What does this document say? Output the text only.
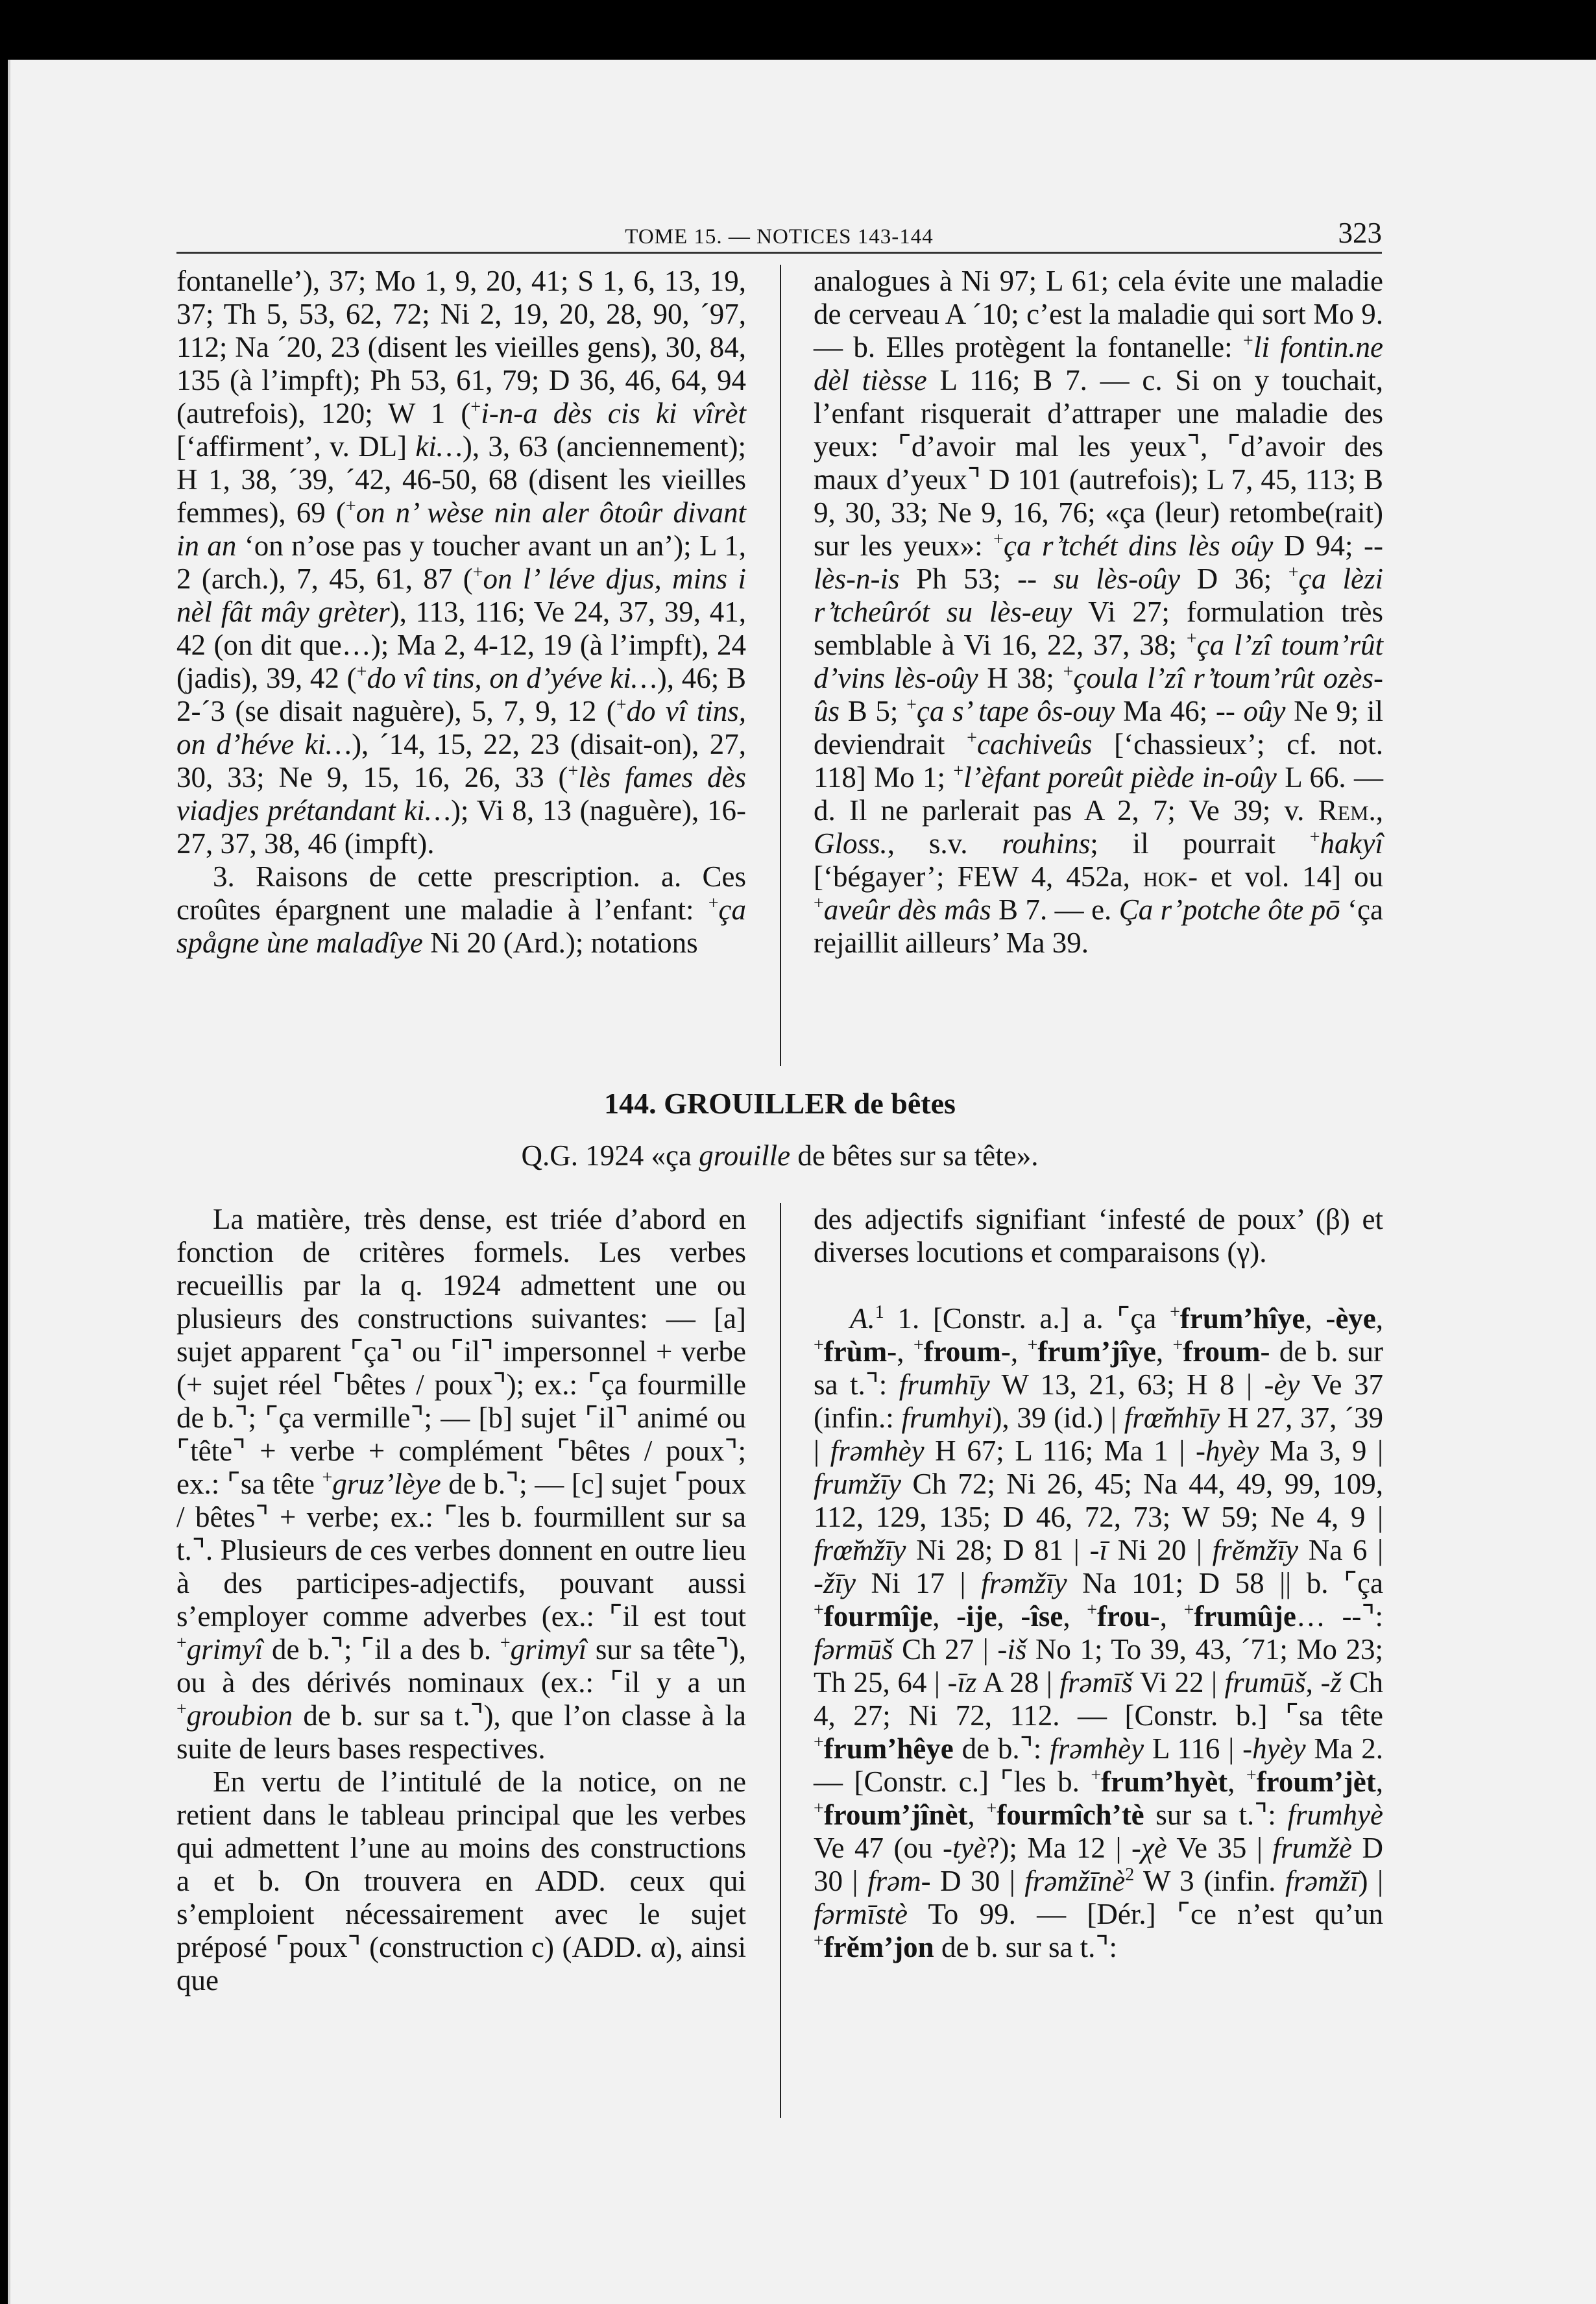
TOME 15. — NOTICES 143-144	323

fontanelle’), 37; Mo 1, 9, 20, 41; S 1, 6, 13, 19, 37; Th 5, 53, 62, 72; Ni 2, 19, 20, 28, 90, ´97, 112; Na ´20, 23 (disent les vieilles gens), 30, 84, 135 (à l’impft); Ph 53, 61, 79; D 36, 46, 64, 94 (autrefois), 120; W 1 (+i-n-a dès cis ki vîrèt [‘affirment’, v. DL] ki…), 3, 63 (anciennement); H 1, 38, ´39, ´42, 46-50, 68 (disent les vieilles femmes), 69 (+on n’ wèse nin aler ôtoûr divant in an ‘on n’ose pas y toucher avant un an’); L 1, 2 (arch.), 7, 45, 61, 87 (+on l’ léve djus, mins i nèl fât mây grèter), 113, 116; Ve 24, 37, 39, 41, 42 (on dit que…); Ma 2, 4-12, 19 (à l’impft), 24 (jadis), 39, 42 (+do vî tins, on d’yéve ki…), 46; B 2-´3 (se disait naguère), 5, 7, 9, 12 (+do vî tins, on d’héve ki…), ´14, 15, 22, 23 (disait-on), 27, 30, 33; Ne 9, 15, 16, 26, 33 (+lès fames dès viadjes prétandant ki…); Vi 8, 13 (naguère), 16-27, 37, 38, 46 (impft).

3. Raisons de cette prescription. a. Ces croûtes épargnent une maladie à l’enfant: +ça spågne ùne maladîye Ni 20 (Ard.); notations

analogues à Ni 97; L 61; cela évite une maladie de cerveau A ´10; c’est la maladie qui sort Mo 9. — b. Elles protègent la fontanelle: +li fontin.ne dèl tièsse L 116; B 7. — c. Si on y touchait, l’enfant risquerait d’attraper une maladie des yeux: ⌜d’avoir mal les yeux⌝, ⌜d’avoir des maux d’yeux⌝ D 101 (autrefois); L 7, 45, 113; B 9, 30, 33; Ne 9, 16, 76; «ça (leur) retombe(rait) sur les yeux»: +ça r’tchét dins lès oûy D 94; -- lès-n-is Ph 53; -- su lès-oûy D 36; +ça lèzi r’tcheûrót su lès-euy Vi 27; formulation très semblable à Vi 16, 22, 37, 38; +ça l’zî toum’rût d’vins lès-oûy H 38; +çoula l’zî r’toum’rût ozès-ûs B 5; +ça s’ tape ôs-ouy Ma 46; -- oûy Ne 9; il deviendrait +cachiveûs [‘chassieux’; cf. not. 118] Mo 1; +l’èfant poreût piède in-oûy L 66. — d. Il ne parlerait pas A 2, 7; Ve 39; v. Rem., Gloss., s.v. rouhins; il pourrait +hakyî [‘bégayer’; FEW 4, 452a, hok- et vol. 14] ou +aveûr dès mâs B 7. — e. Ça r’potche ôte pō ‘ça rejaillit ailleurs’ Ma 39.

144. GROUILLER de bêtes
Q.G. 1924 «ça grouille de bêtes sur sa tête».

La matière, très dense, est triée d’abord en fonction de critères formels. Les verbes recueillis par la q. 1924 admettent une ou plusieurs des constructions suivantes: — [a] sujet apparent ⌜ça⌝ ou ⌜il⌝ impersonnel + verbe (+ sujet réel ⌜bêtes / poux⌝); ex.: ⌜ça fourmille de b.⌝; ⌜ça vermille⌝; — [b] sujet ⌜il⌝ animé ou ⌜tête⌝ + verbe + complément ⌜bêtes / poux⌝; ex.: ⌜sa tête +gruz’lèye de b.⌝; — [c] sujet ⌜poux / bêtes⌝ + verbe; ex.: ⌜les b. fourmillent sur sa t.⌝. Plusieurs de ces verbes donnent en outre lieu à des participes-adjectifs, pouvant aussi s’employer comme adverbes (ex.: ⌜il est tout +grimyî de b.⌝; ⌜il a des b. +grimyî sur sa tête⌝), ou à des dérivés nominaux (ex.: ⌜il y a un +groubion de b. sur sa t.⌝), que l’on classe à la suite de leurs bases respectives.

En vertu de l’intitulé de la notice, on ne retient dans le tableau principal que les verbes qui admettent l’une au moins des constructions a et b. On trouvera en ADD. ceux qui s’emploient nécessairement avec le sujet préposé ⌜poux⌝ (construction c) (ADD. α), ainsi que

des adjectifs signifiant ‘infesté de poux’ (β) et diverses locutions et comparaisons (γ).

A.$^1$ 1. [Constr. a.] a. ⌜ça +frum’hîye, -èye, +frùm-, +froum-, +frum’jîye, +froum- de b. sur sa t.⌝: frumhīy W 13, 21, 63; H 8 | -èy Ve 37 (infin.: frumhyi), 39 (id.) | frœ̆mhīy H 27, 37, ´39 | frəmhèy H 67; L 116; Ma 1 | -hyèy Ma 3, 9 | frumžīy Ch 72; Ni 26, 45; Na 44, 49, 99, 109, 112, 129, 135; D 46, 72, 73; W 59; Ne 4, 9 | frœ̆mžīy Ni 28; D 81 | -ī Ni 20 | frĕmžīy Na 6 | -žīy Ni 17 | frəmžīy Na 101; D 58 || b. ⌜ça +fourmîje, -ije, -îse, +frou-, +frumûje… --⌝: fərmūš Ch 27 | -iš No 1; To 39, 43, ´71; Mo 23; Th 25, 64 | -īz A 28 | frəmīš Vi 22 | frumūš, -ž Ch 4, 27; Ni 72, 112. — [Constr. b.] ⌜sa tête +frum’hêye de b.⌝: frəmhèy L 116 | -hyèy Ma 2. — [Constr. c.] ⌜les b. +frum’hyèt, +froum’jèt, +froum’jînèt, +fourmîch’tè sur sa t.⌝: frumhyè Ve 47 (ou -tyè?); Ma 12 | -χè Ve 35 | frumžè D 30 | frəm- D 30 | frəmžīnè$^2$ W 3 (infin. frəmžī) | fərmīstè To 99. — [Dér.] ⌜ce n’est qu’un +frěm’jon de b. sur sa t.⌝:
